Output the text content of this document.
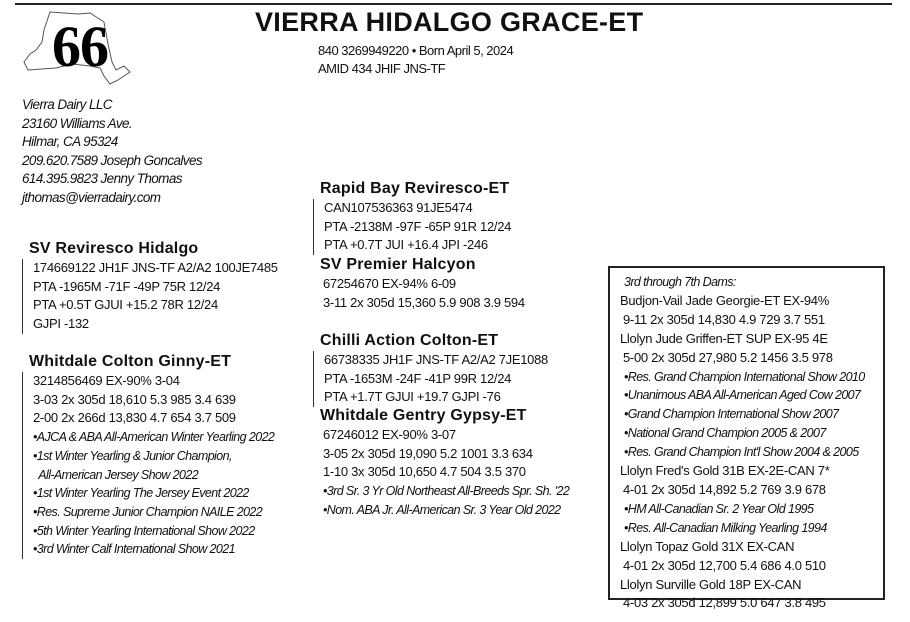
66	VIERRA HIDALGO GRACE-ET
840 3269949220 • Born April 5, 2024
AMID 434 JHIF JNS-TF
Vierra Dairy LLC
23160 Williams Ave.
Hilmar, CA 95324
209.620.7589 Joseph Goncalves
614.395.9823 Jenny Thomas
jthomas@vierradairy.com
SV Reviresco Hidalgo
174669122 JH1F JNS-TF A2/A2 100JE7485
PTA -1965M -71F -49P 75R 12/24
PTA +0.5T GJUI +15.2 78R 12/24
GJPI -132
Whitdale Colton Ginny-ET
3214856469 EX-90% 3-04
3-03 2x 305d 18,610 5.3 985 3.4 639
2-00 2x 266d 13,830 4.7 654 3.7 509
•AJCA & ABA All-American Winter Yearling 2022
•1st Winter Yearling & Junior Champion,
All-American Jersey Show 2022
•1st Winter Yearling The Jersey Event 2022
•Res. Supreme Junior Champion NAILE 2022
•5th Winter Yearling International Show 2022
•3rd Winter Calf International Show 2021
Rapid Bay Reviresco-ET
CAN107536363 91JE5474
PTA -2138M -97F -65P 91R 12/24
PTA +0.7T JUI +16.4 JPI -246
SV Premier Halcyon
67254670 EX-94% 6-09
3-11 2x 305d 15,360 5.9 908 3.9 594
Chilli Action Colton-ET
66738335 JH1F JNS-TF A2/A2 7JE1088
PTA -1653M -24F -41P 99R 12/24
PTA +1.7T GJUI +19.7 GJPI -76
Whitdale Gentry Gypsy-ET
67246012 EX-90% 3-07
3-05 2x 305d 19,090 5.2 1001 3.3 634
1-10 3x 305d 10,650 4.7 504 3.5 370
•3rd Sr. 3 Yr Old Northeast All-Breeds Spr. Sh. '22
•Nom. ABA Jr. All-American Sr. 3 Year Old 2022
3rd through 7th Dams:
Budjon-Vail Jade Georgie-ET EX-94%
9-11 2x 305d 14,830 4.9 729 3.7 551
Llolyn Jude Griffen-ET SUP EX-95 4E
5-00 2x 305d 27,980 5.2 1456 3.5 978
•Res. Grand Champion International Show 2010
•Unanimous ABA All-American Aged Cow 2007
•Grand Champion International Show 2007
•National Grand Champion 2005 & 2007
•Res. Grand Champion Int'l Show 2004 & 2005
Llolyn Fred's Gold 31B EX-2E-CAN 7*
4-01 2x 305d 14,892 5.2 769 3.9 678
•HM All-Canadian Sr. 2 Year Old 1995
•Res. All-Canadian Milking Yearling 1994
Llolyn Topaz Gold 31X EX-CAN
4-01 2x 305d 12,700 5.4 686 4.0 510
Llolyn Surville Gold 18P EX-CAN
4-03 2x 305d 12,899 5.0 647 3.8 495
